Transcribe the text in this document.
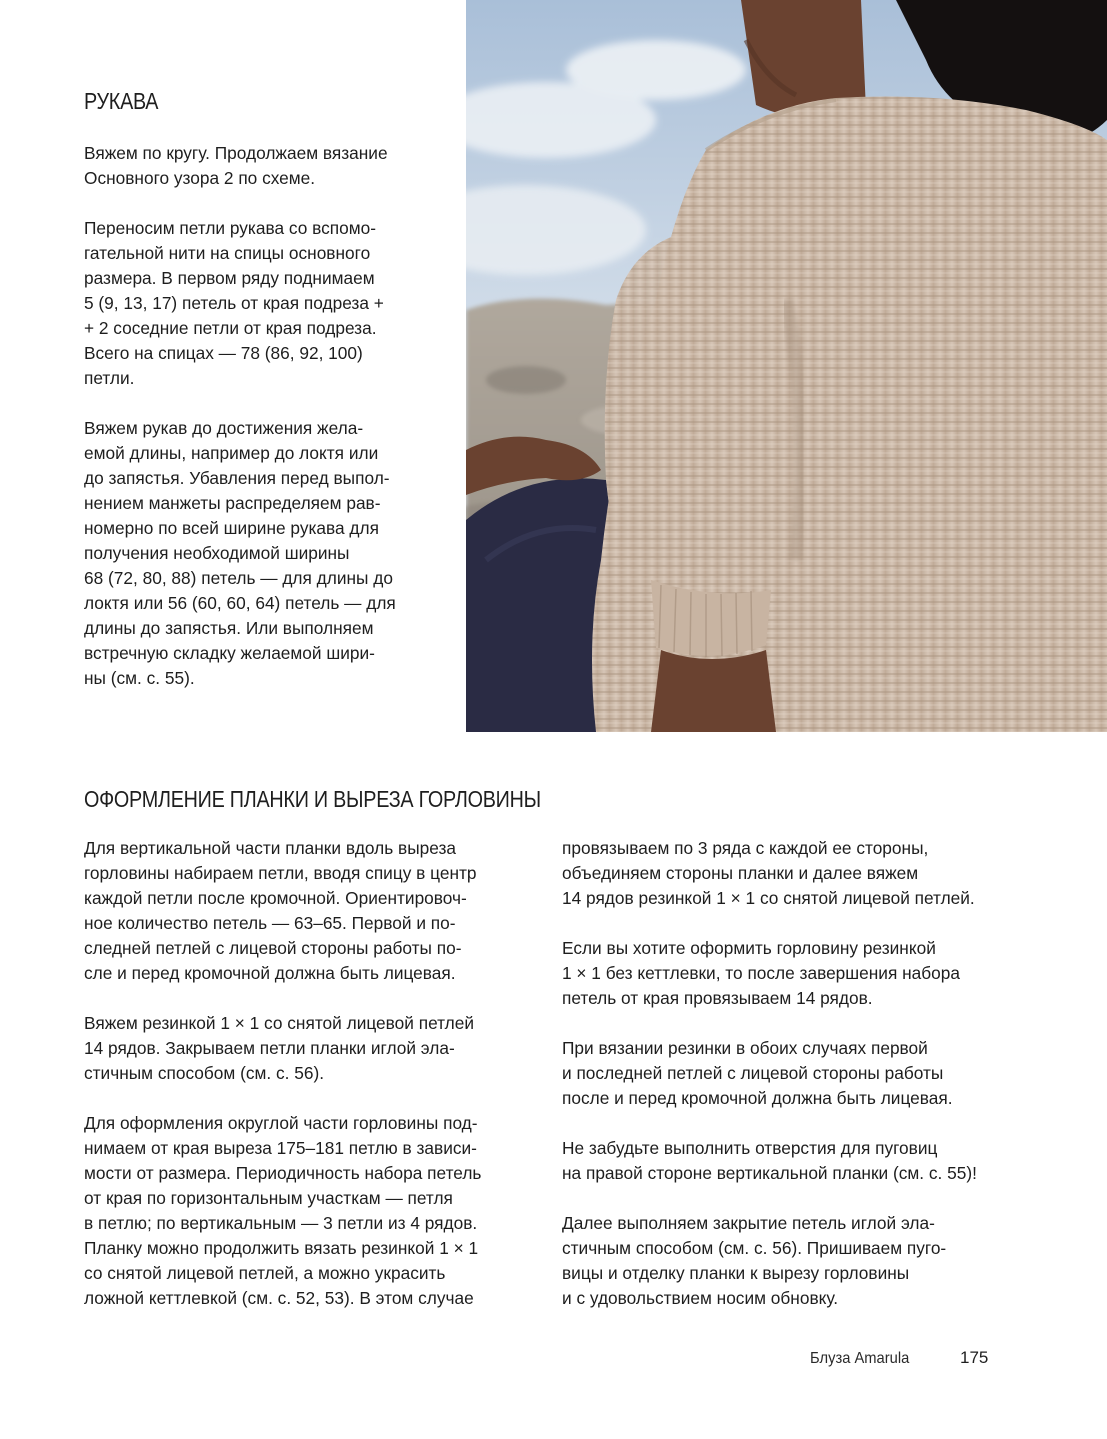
РУКАВА

Вяжем по кругу. Продолжаем вязание
Основного узора 2 по схеме.

Переносим петли рукава со вспомо-
гательной нити на спицы основного
размера. В первом ряду поднимаем
5 (9, 13, 17) петель от края подреза +
+ 2 соседние петли от края подреза.
Всего на спицах — 78 (86, 92, 100)
петли.

Вяжем рукав до достижения жела-
емой длины, например до локтя или
до запястья. Убавления перед выпол-
нением манжеты распределяем рав-
номерно по всей ширине рукава для
получения необходимой ширины
68 (72, 80, 88) петель — для длины до
локтя или 56 (60, 60, 64) петель — для
длины до запястья. Или выполняем
встречную складку желаемой шири-
ны (см. с. 55).

ОФОРМЛЕНИЕ ПЛАНКИ И ВЫРЕЗА ГОРЛОВИНЫ

Для вертикальной части планки вдоль выреза
горловины набираем петли, вводя спицу в центр
каждой петли после кромочной. Ориентировоч-
ное количество петель — 63–65. Первой и по-
следней петлей с лицевой стороны работы по-
сле и перед кромочной должна быть лицевая.

Вяжем резинкой 1 × 1 со снятой лицевой петлей
14 рядов. Закрываем петли планки иглой эла-
стичным способом (см. с. 56).

Для оформления округлой части горловины под-
нимаем от края выреза 175–181 петлю в зависи-
мости от размера. Периодичность набора петель
от края по горизонтальным участкам — петля
в петлю; по вертикальным — 3 петли из 4 рядов.
Планку можно продолжить вязать резинкой 1 × 1
со снятой лицевой петлей, а можно украсить
ложной кеттлевкой (см. с. 52, 53). В этом случае

провязываем по 3 ряда с каждой ее стороны,
объединяем стороны планки и далее вяжем
14 рядов резинкой 1 × 1 со снятой лицевой петлей.

Если вы хотите оформить горловину резинкой
1 × 1 без кеттлевки, то после завершения набора
петель от края провязываем 14 рядов.

При вязании резинки в обоих случаях первой
и последней петлей с лицевой стороны работы
после и перед кромочной должна быть лицевая.

Не забудьте выполнить отверстия для пуговиц
на правой стороне вертикальной планки (см. с. 55)!

Далее выполняем закрытие петель иглой эла-
стичным способом (см. с. 56). Пришиваем пуго-
вицы и отделку планки к вырезу горловины
и с удовольствием носим обновку.

Блуза Amarula	175
